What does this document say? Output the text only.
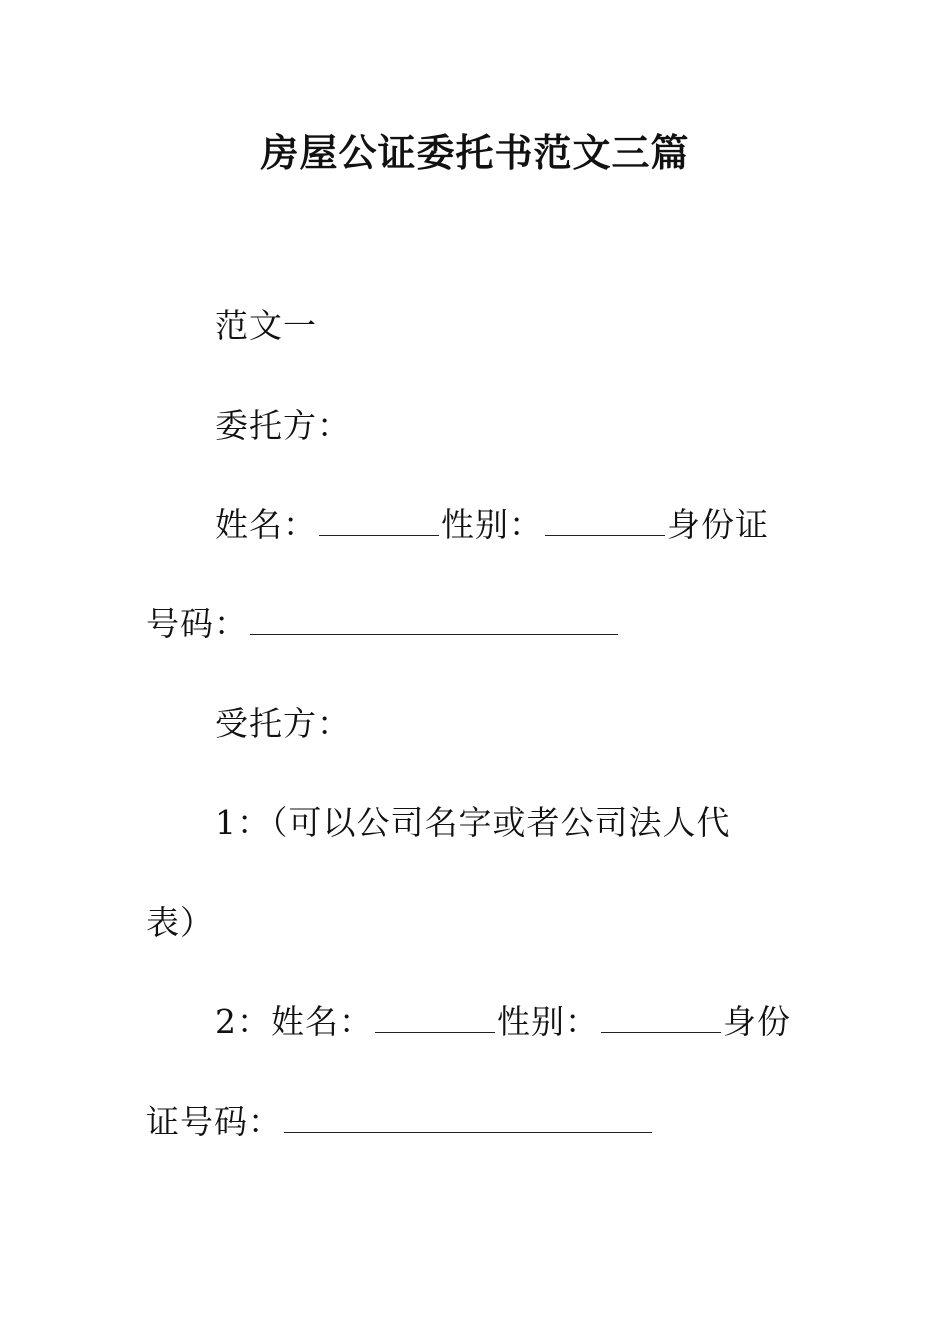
房屋公证委托书范文三篇
范文一
委托方：
姓名：	性别：	身份证
号码：
受托方：
1：（可以公司名字或者公司法人代
表）
2：姓名：	性别：	身份
证号码：
